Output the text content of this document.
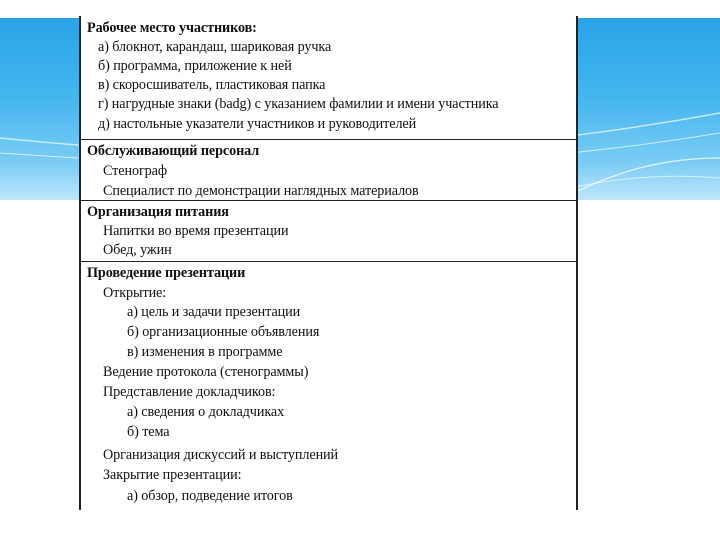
Рабочее место участников:
а) блокнот, карандаш, шариковая ручка
б) программа, приложение к ней
в) скоросшиватель, пластиковая папка
г) нагрудные знаки (badg) с указанием фамилии и имени участника
д) настольные указатели участников и руководителей
Обслуживающий персонал
Стенограф
Специалист по демонстрации наглядных материалов
Организация питания
Напитки во время презентации
Обед, ужин
Проведение презентации
Открытие:
а) цель и задачи презентации
б) организационные объявления
в) изменения в программе
Ведение протокола (стенограммы)
Представление докладчиков:
а) сведения о докладчиках
б) тема
Организация дискуссий и выступлений
Закрытие презентации:
а) обзор, подведение итогов
